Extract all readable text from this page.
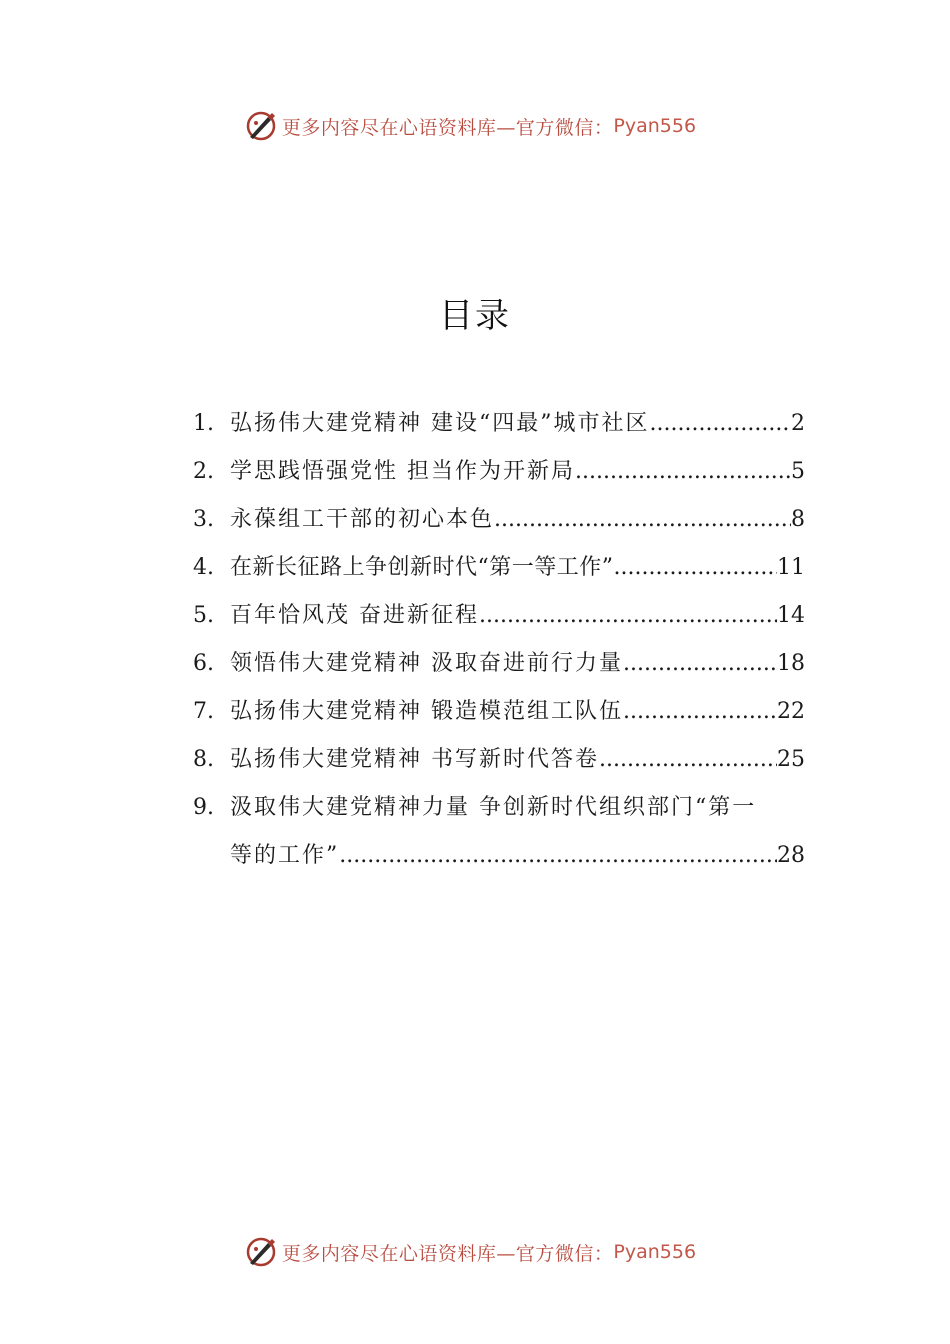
更多内容尽在心语资料库—官方微信： Pyan556
目录
1. 弘扬伟大建党精神 建设“四最”城市社区 .....	2
2. 学思践悟强党性 担当作为开新局 .....	5
3. 永葆组工干部的初心本色 .....	8
4. 在新长征路上争创新时代“第一等工作” .....	11
5. 百年恰风茂 奋进新征程 .....	14
6. 领悟伟大建党精神 汲取奋进前行力量 .....	18
7. 弘扬伟大建党精神 锻造模范组工队伍 .....	22
8. 弘扬伟大建党精神 书写新时代答卷 .....	25
9. 汲取伟大建党精神力量 争创新时代组织部门“第一
等的工作” .....	28
更多内容尽在心语资料库—官方微信： Pyan556
